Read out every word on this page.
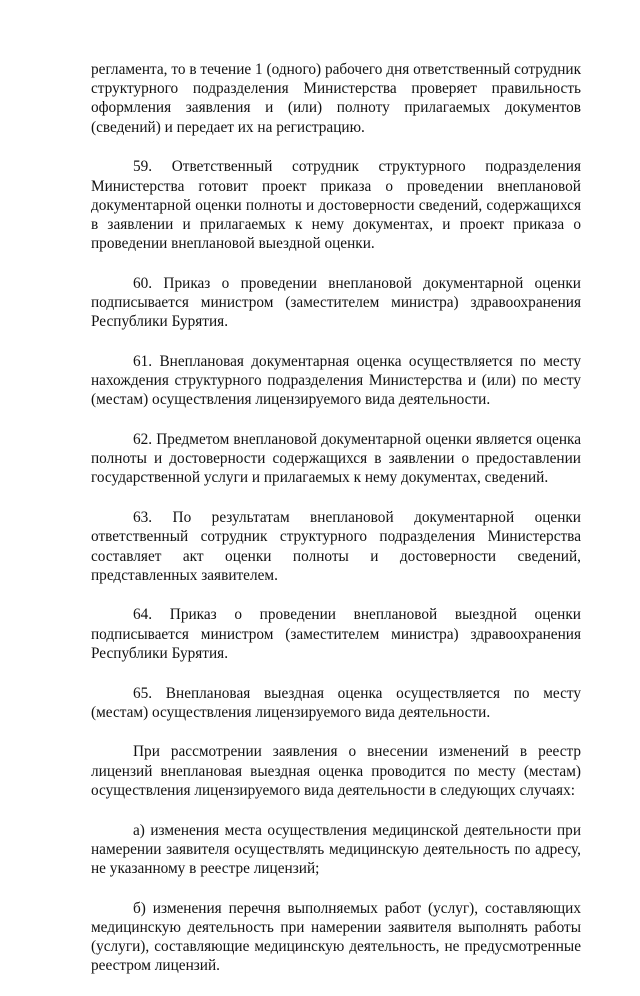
регламента, то в течение 1 (одного) рабочего дня ответственный сотрудник структурного подразделения Министерства проверяет правильность оформления заявления и (или) полноту прилагаемых документов (сведений) и передает их на регистрацию.

59. Ответственный сотрудник структурного подразделения Министерства готовит проект приказа о проведении внеплановой документарной оценки полноты и достоверности сведений, содержащихся в заявлении и прилагаемых к нему документах, и проект приказа о проведении внеплановой выездной оценки.

60. Приказ о проведении внеплановой документарной оценки подписывается министром (заместителем министра) здравоохранения Республики Бурятия.

61. Внеплановая документарная оценка осуществляется по месту нахождения структурного подразделения Министерства и (или) по месту (местам) осуществления лицензируемого вида деятельности.

62. Предметом внеплановой документарной оценки является оценка полноты и достоверности содержащихся в заявлении о предоставлении государственной услуги и прилагаемых к нему документах, сведений.

63. По результатам внеплановой документарной оценки ответственный сотрудник структурного подразделения Министерства составляет акт оценки полноты и достоверности сведений, представленных заявителем.

64. Приказ о проведении внеплановой выездной оценки подписывается министром (заместителем министра) здравоохранения Республики Бурятия.

65. Внеплановая выездная оценка осуществляется по месту (местам) осуществления лицензируемого вида деятельности.

При рассмотрении заявления о внесении изменений в реестр лицензий внеплановая выездная оценка проводится по месту (местам) осуществления лицензируемого вида деятельности в следующих случаях:

а) изменения места осуществления медицинской деятельности при намерении заявителя осуществлять медицинскую деятельность по адресу, не указанному в реестре лицензий;

б) изменения перечня выполняемых работ (услуг), составляющих медицинскую деятельность при намерении заявителя выполнять работы (услуги), составляющие медицинскую деятельность, не предусмотренные реестром лицензий.
